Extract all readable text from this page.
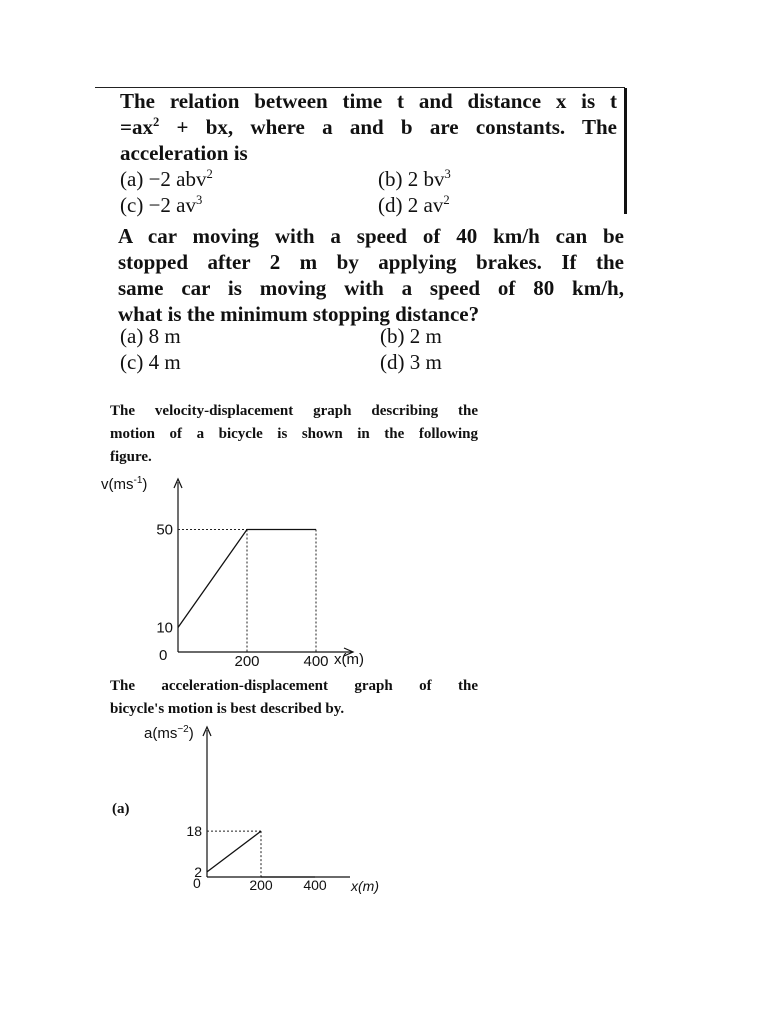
The relation between time t and distance x is t
$=ax^2$ + bx, where a and b are constants. The
acceleration is
(a) −2 abv$^2$	(b) 2 $bv^3$
(c) −2 $av^3$	(d) 2 $av^2$
A car moving with a speed of 40 km/h can be
stopped after 2 m by applying brakes. If the
same car is moving with a speed of 80 km/h,
what is the minimum stopping distance?
(a) 8 m	(b) 2 m
(c) 4 m	(d) 3 m
The velocity-displacement graph describing the
motion of a bicycle is shown in the following
figure.
$v(ms^{-1})$
200	400
10
50
0	x(m)
The acceleration-displacement graph of the
bicycle's motion is best described by.
(a)
$a(ms^{-2})$
200 400
2
18
0	x(m)
